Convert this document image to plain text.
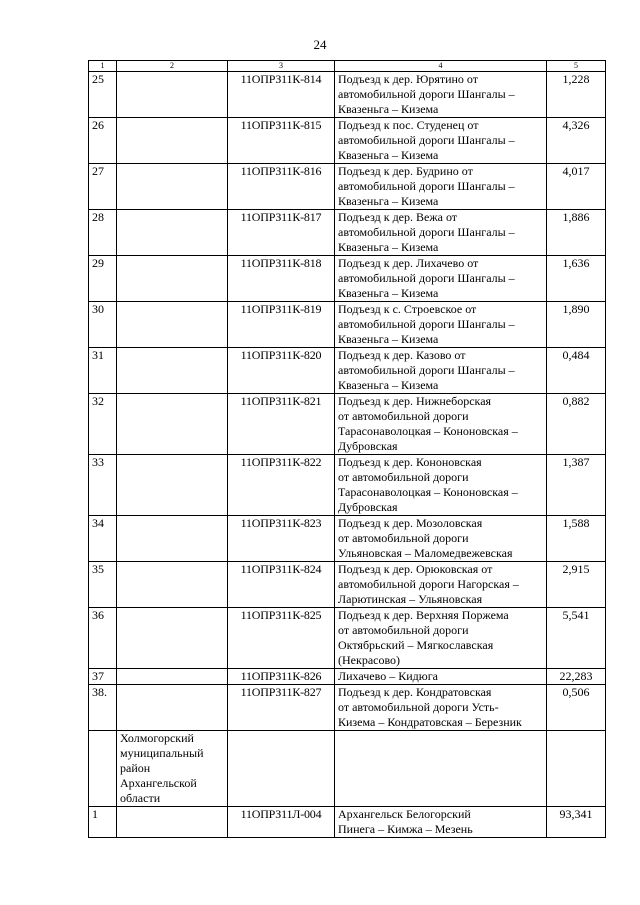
24
1	2	3	4	5
25		11ОПРЗ11К-814	Подъезд к дер. Юрятино от
автомобильной дороги Шангалы –
Квазеньга – Кизема	1,228
26		11ОПРЗ11К-815	Подъезд к пос. Студенец от
автомобильной дороги Шангалы –
Квазеньга – Кизема	4,326
27		11ОПРЗ11К-816	Подъезд к дер. Будрино от
автомобильной дороги Шангалы –
Квазеньга – Кизема	4,017
28		11ОПРЗ11К-817	Подъезд к дер. Вежа от
автомобильной дороги Шангалы –
Квазеньга – Кизема	1,886
29		11ОПРЗ11К-818	Подъезд к дер. Лихачево от
автомобильной дороги Шангалы –
Квазеньга – Кизема	1,636
30		11ОПРЗ11К-819	Подъезд к с. Строевское от
автомобильной дороги Шангалы –
Квазеньга – Кизема	1,890
31		11ОПРЗ11К-820	Подъезд к дер. Казово от
автомобильной дороги Шангалы –
Квазеньга – Кизема	0,484
32		11ОПРЗ11К-821	Подъезд к дер. Нижнеборская
от автомобильной дороги
Тарасонаволоцкая – Кононовская –
Дубровская	0,882
33		11ОПРЗ11К-822	Подъезд к дер. Кононовская
от автомобильной дороги
Тарасонаволоцкая – Кононовская –
Дубровская	1,387
34		11ОПРЗ11К-823	Подъезд к дер. Мозоловская
от автомобильной дороги
Ульяновская – Маломедвежевская	1,588
35		11ОПРЗ11К-824	Подъезд к дер. Орюковская от
автомобильной дороги Нагорская –
Ларютинская – Ульяновская	2,915
36		11ОПРЗ11К-825	Подъезд к дер. Верхняя Поржема
от автомобильной дороги
Октябрьский – Мягкославская
(Некрасово)	5,541
37		11ОПРЗ11К-826	Лихачево – Кидюга	22,283
38.		11ОПРЗ11К-827	Подъезд к дер. Кондратовская
от автомобильной дороги Усть-
Кизема – Кондратовская – Березник	0,506
	Холмогорский
муниципальный
район
Архангельской
области			
1		11ОПРЗ11Л-004	Архангельск Белогорский
Пинега – Кимжа – Мезень	93,341
